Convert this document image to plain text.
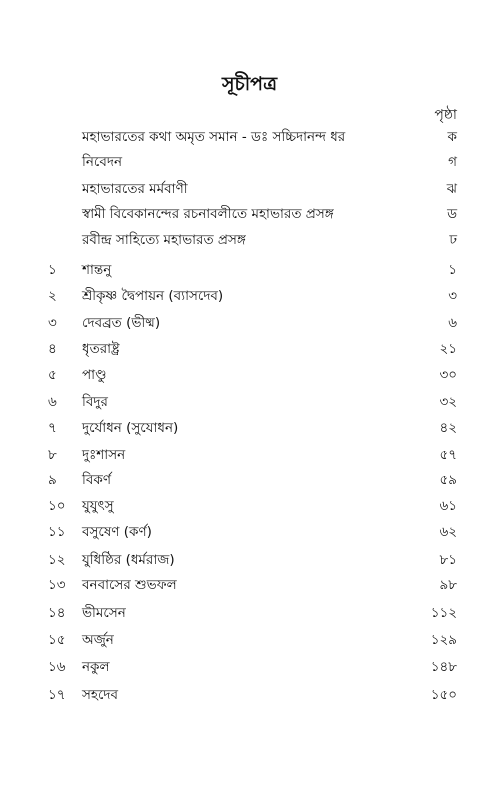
সূচীপত্র
পৃষ্ঠা
মহাভারতের কথা অমৃত সমান - ডঃ সচ্চিদানন্দ ধর	ক
নিবেদন	গ
মহাভারতের মর্মবাণী	ঝ
স্বামী বিবেকানন্দের রচনাবলীতে মহাভারত প্রসঙ্গ	ড
রবীন্দ্র সাহিত্যে মহাভারত প্রসঙ্গ	ঢ
১	শান্তনু	১
২	শ্রীকৃষ্ণ দ্বৈপায়ন (ব্যাসদেব)	৩
৩	দেবব্রত (ভীষ্ম)	৬
৪	ধৃতরাষ্ট্র	২১
৫	পাণ্ডু	৩০
৬	বিদুর	৩২
৭	দুর্যোধন (সুযোধন)	৪২
৮	দুঃশাসন	৫৭
৯	বিকর্ণ	৫৯
১০	যুযুৎসু	৬১
১১	বসুষেণ (কর্ণ)	৬২
১২	যুধিষ্ঠির (ধর্মরাজ)	৮১
১৩	বনবাসের শুভফল	৯৮
১৪	ভীমসেন	১১২
১৫	অর্জুন	১২৯
১৬	নকুল	১৪৮
১৭	সহদেব	১৫০
